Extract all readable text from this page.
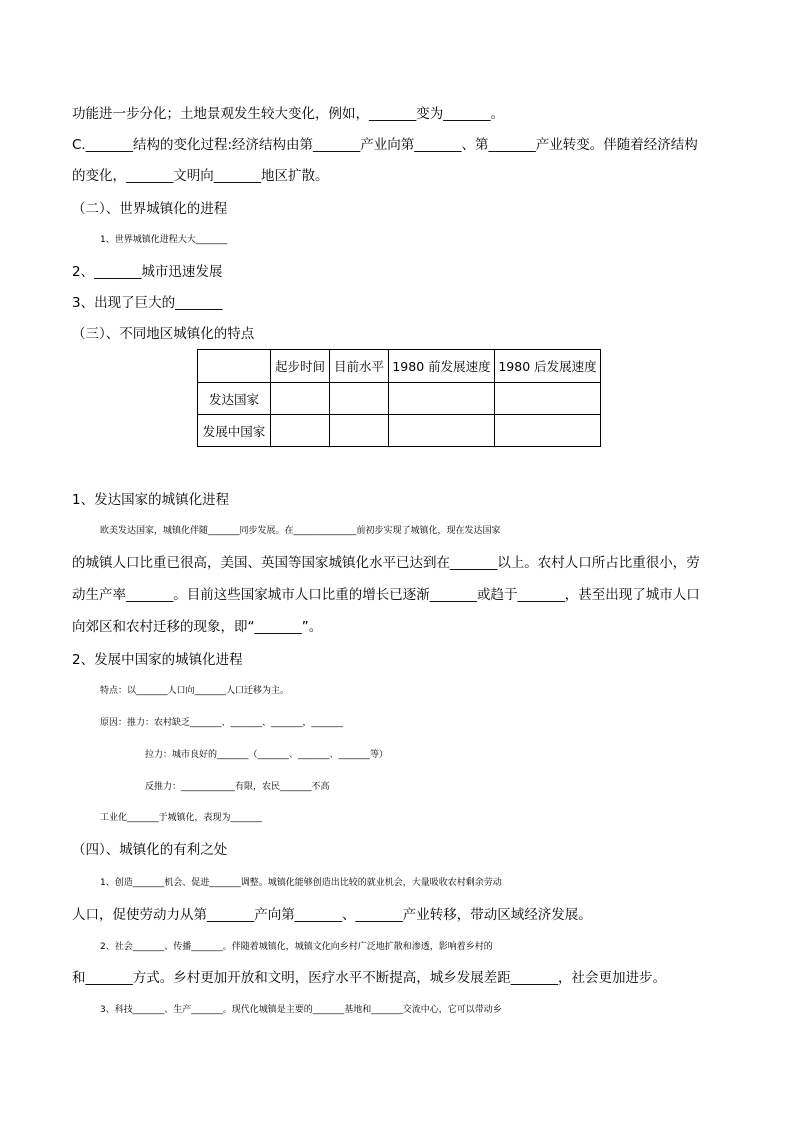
功能进一步分化；土地景观发生较大变化，例如，_______变为_______。
C._______结构的变化过程:经济结构由第_______产业向第_______、第_______产业转变。伴随着经济结构
的变化，_______文明向_______地区扩散。
（二）、世界城镇化的进程
1、世界城镇化进程大大_______
2、_______城市迅速发展
3、出现了巨大的_______
（三）、不同地区城镇化的特点
	起步时间	目前水平	1980 前发展速度	1980 后发展速度
发达国家				
发展中国家				
1、发达国家的城镇化进程
欧美发达国家，城镇化伴随_______同步发展。在______________前初步实现了城镇化，现在发达国家
的城镇人口比重已很高，美国、英国等国家城镇化水平已达到在_______以上。农村人口所占比重很小，劳
动生产率_______。目前这些国家城市人口比重的增长已逐渐_______或趋于_______，甚至出现了城市人口
向郊区和农村迁移的现象，即“_______”。
2、发展中国家的城镇化进程
特点：以_______人口向_______人口迁移为主。
原因：推力：农村缺乏_______、_______、_______，_______
拉力：城市良好的_______（_______、_______、_______等）
反推力：____________有限，农民_______不高
工业化_______于城镇化，表现为_______
（四）、城镇化的有利之处
1、创造_______机会、促进_______调整。城镇化能够创造出比较的就业机会，大量吸收农村剩余劳动
人口，促使劳动力从第_______产向第_______、_______产业转移，带动区域经济发展。
2、社会_______、传播_______。伴随着城镇化，城镇文化向乡村广泛地扩散和渗透，影响着乡村的
和_______方式。乡村更加开放和文明，医疗水平不断提高，城乡发展差距_______，社会更加进步。
3、科技_______、生产_______。现代化城镇是主要的_______基地和_______交流中心，它可以带动乡
